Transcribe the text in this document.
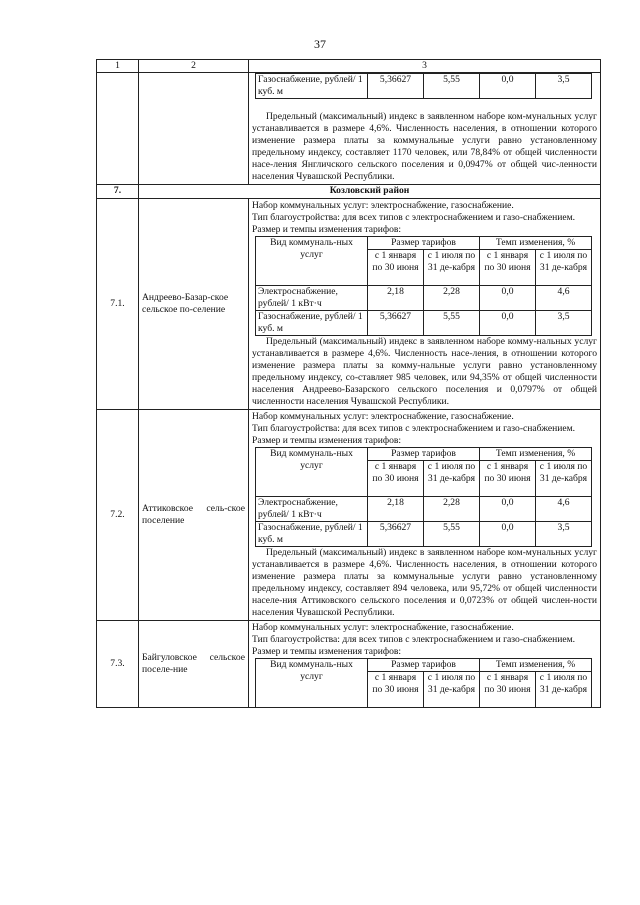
37
1	2	3

Газоснабжение, рублей/ 1 куб. м	5,36627	5,55	0,0	3,5

Предельный (максимальный) индекс в заявленном наборе ком-мунальных услуг устанавливается в размере 4,6%. Численность населения, в отношении которого изменение размера платы за коммунальные услуги равно установленному предельному индексу, составляет 1170 человек, или 78,84% от общей численности насе-ления Янгличского сельского поселения и 0,0947% от общей чис-ленности населения Чувашской Республики.

7.	Козловский район
7.1.	Андреево-Базар-ское сельское по-селение	

Набор коммунальных услуг: электроснабжение, газоснабжение.

Тип благоустройства: для всех типов с электроснабжением и газо-снабжением.

Размер и темпы изменения тарифов:

Вид коммуналь-ных услуг	Размер тарифов	Темп изменения, %
с 1 января по 30 июня	с 1 июля по 31 де-кабря	с 1 января по 30 июня	с 1 июля по 31 де-кабря
Электроснабжение, рублей/ 1 кВт·ч	2,18	2,28	0,0	4,6
Газоснабжение, рублей/ 1 куб. м	5,36627	5,55	0,0	3,5

Предельный (максимальный) индекс в заявленном наборе комму-нальных услуг устанавливается в размере 4,6%. Численность насе-ления, в отношении которого изменение размера платы за комму-нальные услуги равно установленному предельному индексу, со-ставляет 985 человек, или 94,35% от общей численности населения Андреево-Базарского сельского поселения и 0,0797% от общей численности населения Чувашской Республики.

7.2.	Аттиковское сель-ское поселение	

Набор коммунальных услуг: электроснабжение, газоснабжение.

Тип благоустройства: для всех типов с электроснабжением и газо-снабжением.

Размер и темпы изменения тарифов:

Вид коммуналь-ных услуг	Размер тарифов	Темп изменения, %
с 1 января по 30 июня	с 1 июля по 31 де-кабря	с 1 января по 30 июня	с 1 июля по 31 де-кабря
Электроснабжение, рублей/ 1 кВт·ч	2,18	2,28	0,0	4,6
Газоснабжение, рублей/ 1 куб. м	5,36627	5,55	0,0	3,5

Предельный (максимальный) индекс в заявленном наборе ком-мунальных услуг устанавливается в размере 4,6%. Численность населения, в отношении которого изменение размера платы за коммунальные услуги равно установленному предельному индексу, составляет 894 человека, или 95,72% от общей численности населе-ния Аттиковского сельского поселения и 0,0723% от общей числен-ности населения Чувашской Республики.

7.3.	Байгуловское сельское поселе-ние	

Набор коммунальных услуг: электроснабжение, газоснабжение.

Тип благоустройства: для всех типов с электроснабжением и газо-снабжением.

Размер и темпы изменения тарифов:

Вид коммуналь-ных услуг	Размер тарифов	Темп изменения, %
с 1 января по 30 июня	с 1 июля по 31 де-кабря	с 1 января по 30 июня	с 1 июля по 31 де-кабря
